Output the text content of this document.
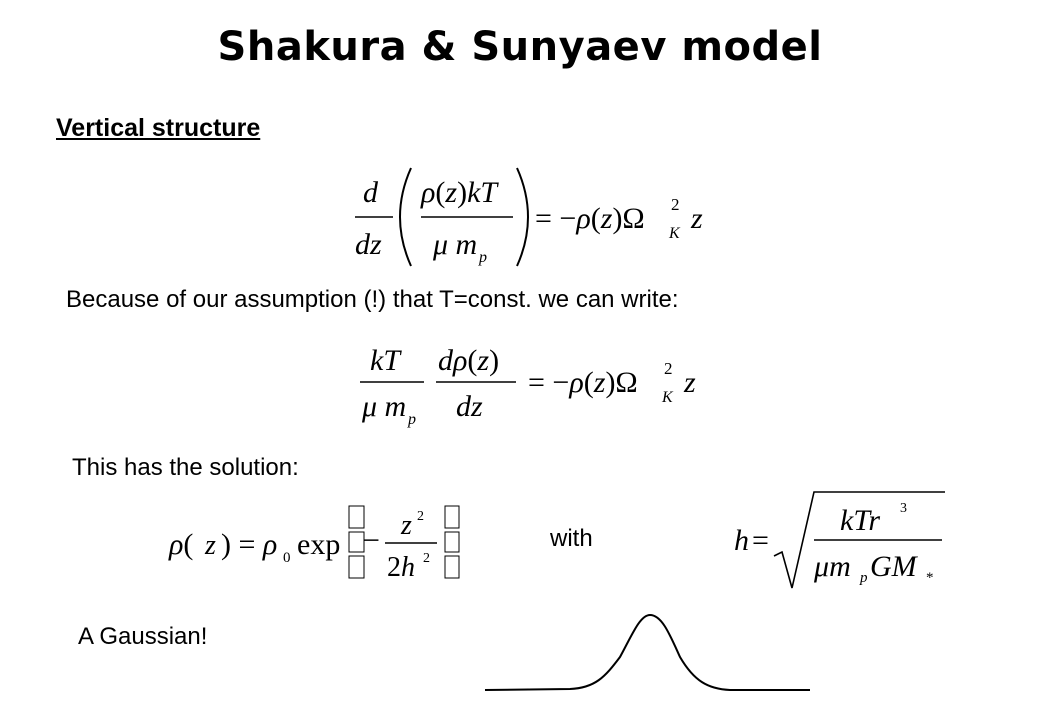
Shakura & Sunyaev model
Vertical structure
d
dz
ρ(z)kT
μ m p
= −ρ(z)Ω 2
K z
Because of our assumption (!) that T=const. we can write:
kT
μ m p
dρ(z)
dz
= −ρ(z)Ω 2
K z
This has the solution:
ρ( z ) = ρ 0 exp − z 2
2h 2
with	h =
kTr 3
μm p GM *
A Gaussian!
